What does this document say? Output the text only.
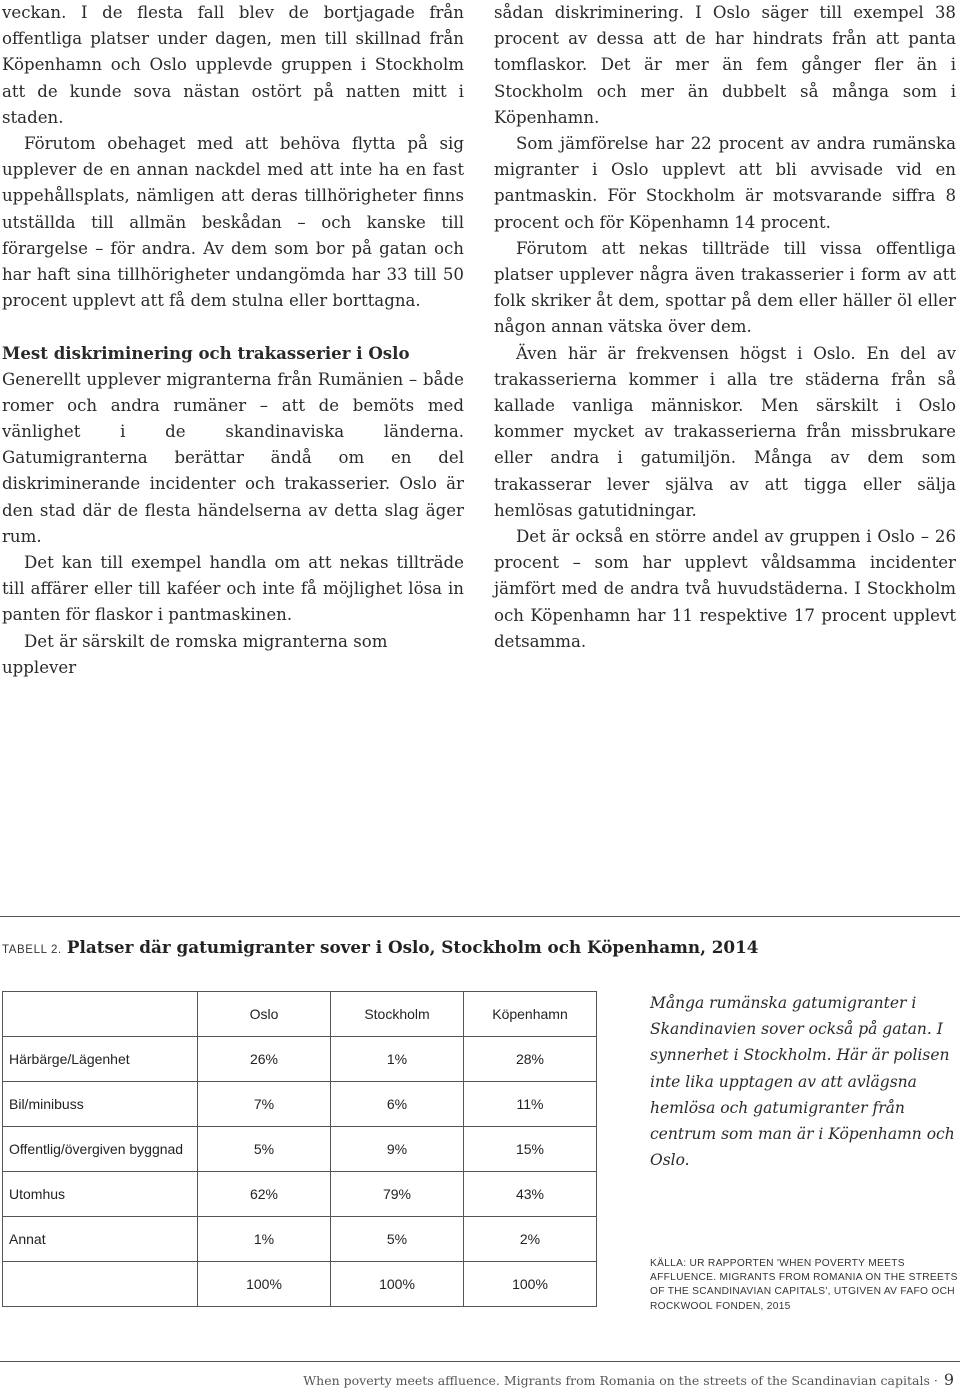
veckan. I de flesta fall blev de bortjagade från offentliga platser under dagen, men till skillnad från Köpenhamn och Oslo upplevde gruppen i Stockholm att de kunde sova nästan ostört på natten mitt i staden.

Förutom obehaget med att behöva flytta på sig upplever de en annan nackdel med att inte ha en fast uppehållsplats, nämligen att deras tillhörigheter finns utställda till allmän beskådan – och kanske till förargelse – för andra. Av dem som bor på gatan och har haft sina tillhörigheter undangömda har 33 till 50 procent upplevt att få dem stulna eller borttagna.

Mest diskriminering och trakasserier i Oslo

Generellt upplever migranterna från Rumänien – både romer och andra rumäner – att de bemöts med vänlighet i de skandinaviska länderna. Gatumigranterna berättar ändå om en del diskriminerande incidenter och trakasserier. Oslo är den stad där de flesta händelserna av detta slag äger rum.

Det kan till exempel handla om att nekas tillträde till affärer eller till kaféer och inte få möjlighet lösa in panten för flaskor i pantmaskinen.

Det är särskilt de romska migranterna som upplever

sådan diskriminering. I Oslo säger till exempel 38 procent av dessa att de har hindrats från att panta tomflaskor. Det är mer än fem gånger fler än i Stockholm och mer än dubbelt så många som i Köpenhamn.

Som jämförelse har 22 procent av andra rumänska migranter i Oslo upplevt att bli avvisade vid en pantmaskin. För Stockholm är motsvarande siffra 8 procent och för Köpenhamn 14 procent.

Förutom att nekas tillträde till vissa offentliga platser upplever några även trakasserier i form av att folk skriker åt dem, spottar på dem eller häller öl eller någon annan vätska över dem.

Även här är frekvensen högst i Oslo. En del av trakasserierna kommer i alla tre städerna från så kallade vanliga människor. Men särskilt i Oslo kommer mycket av trakasserierna från missbrukare eller andra i gatumiljön. Många av dem som trakasserar lever själva av att tigga eller sälja hemlösas gatutidningar.

Det är också en större andel av gruppen i Oslo – 26 procent – som har upplevt våldsamma incidenter jämfört med de andra två huvudstäderna. I Stockholm och Köpenhamn har 11 respektive 17 procent upplevt detsamma.

TABELL 2. Platser där gatumigranter sover i Oslo, Stockholm och Köpenhamn, 2014
	Oslo	Stockholm	Köpenhamn
Härbärge/Lägenhet	26%	1%	28%
Bil/minibuss	7%	6%	11%
Offentlig/övergiven byggnad	5%	9%	15%
Utomhus	62%	79%	43%
Annat	1%	5%	2%
	100%	100%	100%
Många rumänska gatumigranter i Skandinavien sover också på gatan. I synnerhet i Stockholm. Här är polisen inte lika upptagen av att avlägsna hemlösa och gatumigranter från centrum som man är i Köpenhamn och Oslo.
KÄLLA: UR RAPPORTEN 'WHEN POVERTY MEETS AFFLUENCE. MIGRANTS FROM ROMANIA ON THE STREETS OF THE SCANDINAVIAN CAPITALS', UTGIVEN AV FAFO OCH ROCKWOOL FONDEN, 2015
When poverty meets affluence. Migrants from Romania on the streets of the Scandinavian capitals · 9
